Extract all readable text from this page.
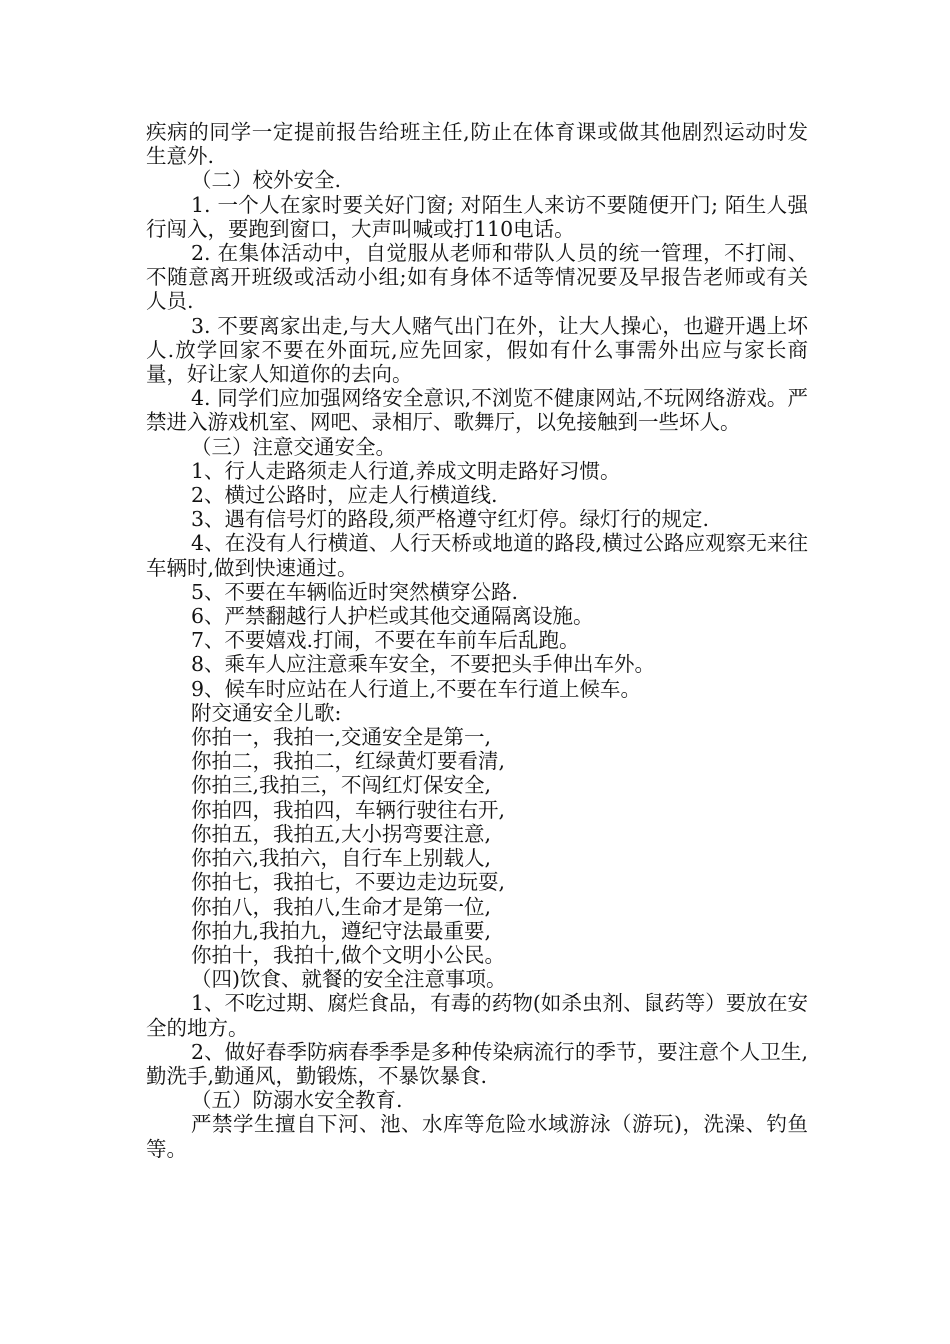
疾病的同学一定提前报告给班主任,防止在体育课或做其他剧烈运动时发生意外.

（二）校外安全.

1. 一个人在家时要关好门窗; 对陌生人来访不要随便开门; 陌生人强行闯入，要跑到窗口，大声叫喊或打110电话。

2. 在集体活动中，自觉服从老师和带队人员的统一管理，不打闹、不随意离开班级或活动小组;如有身体不适等情况要及早报告老师或有关人员.

3. 不要离家出走,与大人赌气出门在外，让大人操心，也避开遇上坏人.放学回家不要在外面玩,应先回家，假如有什么事需外出应与家长商量，好让家人知道你的去向。

4. 同学们应加强网络安全意识,不浏览不健康网站,不玩网络游戏。严禁进入游戏机室、网吧、录相厅、歌舞厅，以免接触到一些坏人。

（三）注意交通安全。

1、行人走路须走人行道,养成文明走路好习惯。

2、横过公路时，应走人行横道线.

3、遇有信号灯的路段,须严格遵守红灯停。绿灯行的规定.

4、在没有人行横道、人行天桥或地道的路段,横过公路应观察无来往车辆时,做到快速通过。

5、不要在车辆临近时突然横穿公路.

6、严禁翻越行人护栏或其他交通隔离设施。

7、不要嬉戏.打闹，不要在车前车后乱跑。

8、乘车人应注意乘车安全，不要把头手伸出车外。

9、候车时应站在人行道上,不要在车行道上候车。

附交通安全儿歌:

你拍一，我拍一,交通安全是第一,

你拍二，我拍二，红绿黄灯要看清,

你拍三,我拍三，不闯红灯保安全,

你拍四，我拍四，车辆行驶往右开,

你拍五，我拍五,大小拐弯要注意,

你拍六,我拍六，自行车上别载人,

你拍七，我拍七，不要边走边玩耍,

你拍八，我拍八,生命才是第一位,

你拍九,我拍九，遵纪守法最重要,

你拍十，我拍十,做个文明小公民。

（四)饮食、就餐的安全注意事项。

1、不吃过期、腐烂食品，有毒的药物(如杀虫剂、鼠药等）要放在安全的地方。

2、做好春季防病春季季是多种传染病流行的季节，要注意个人卫生,勤洗手,勤通风，勤锻炼，不暴饮暴食.

（五）防溺水安全教育.

严禁学生擅自下河、池、水库等危险水域游泳（游玩)，洗澡、钓鱼等。
